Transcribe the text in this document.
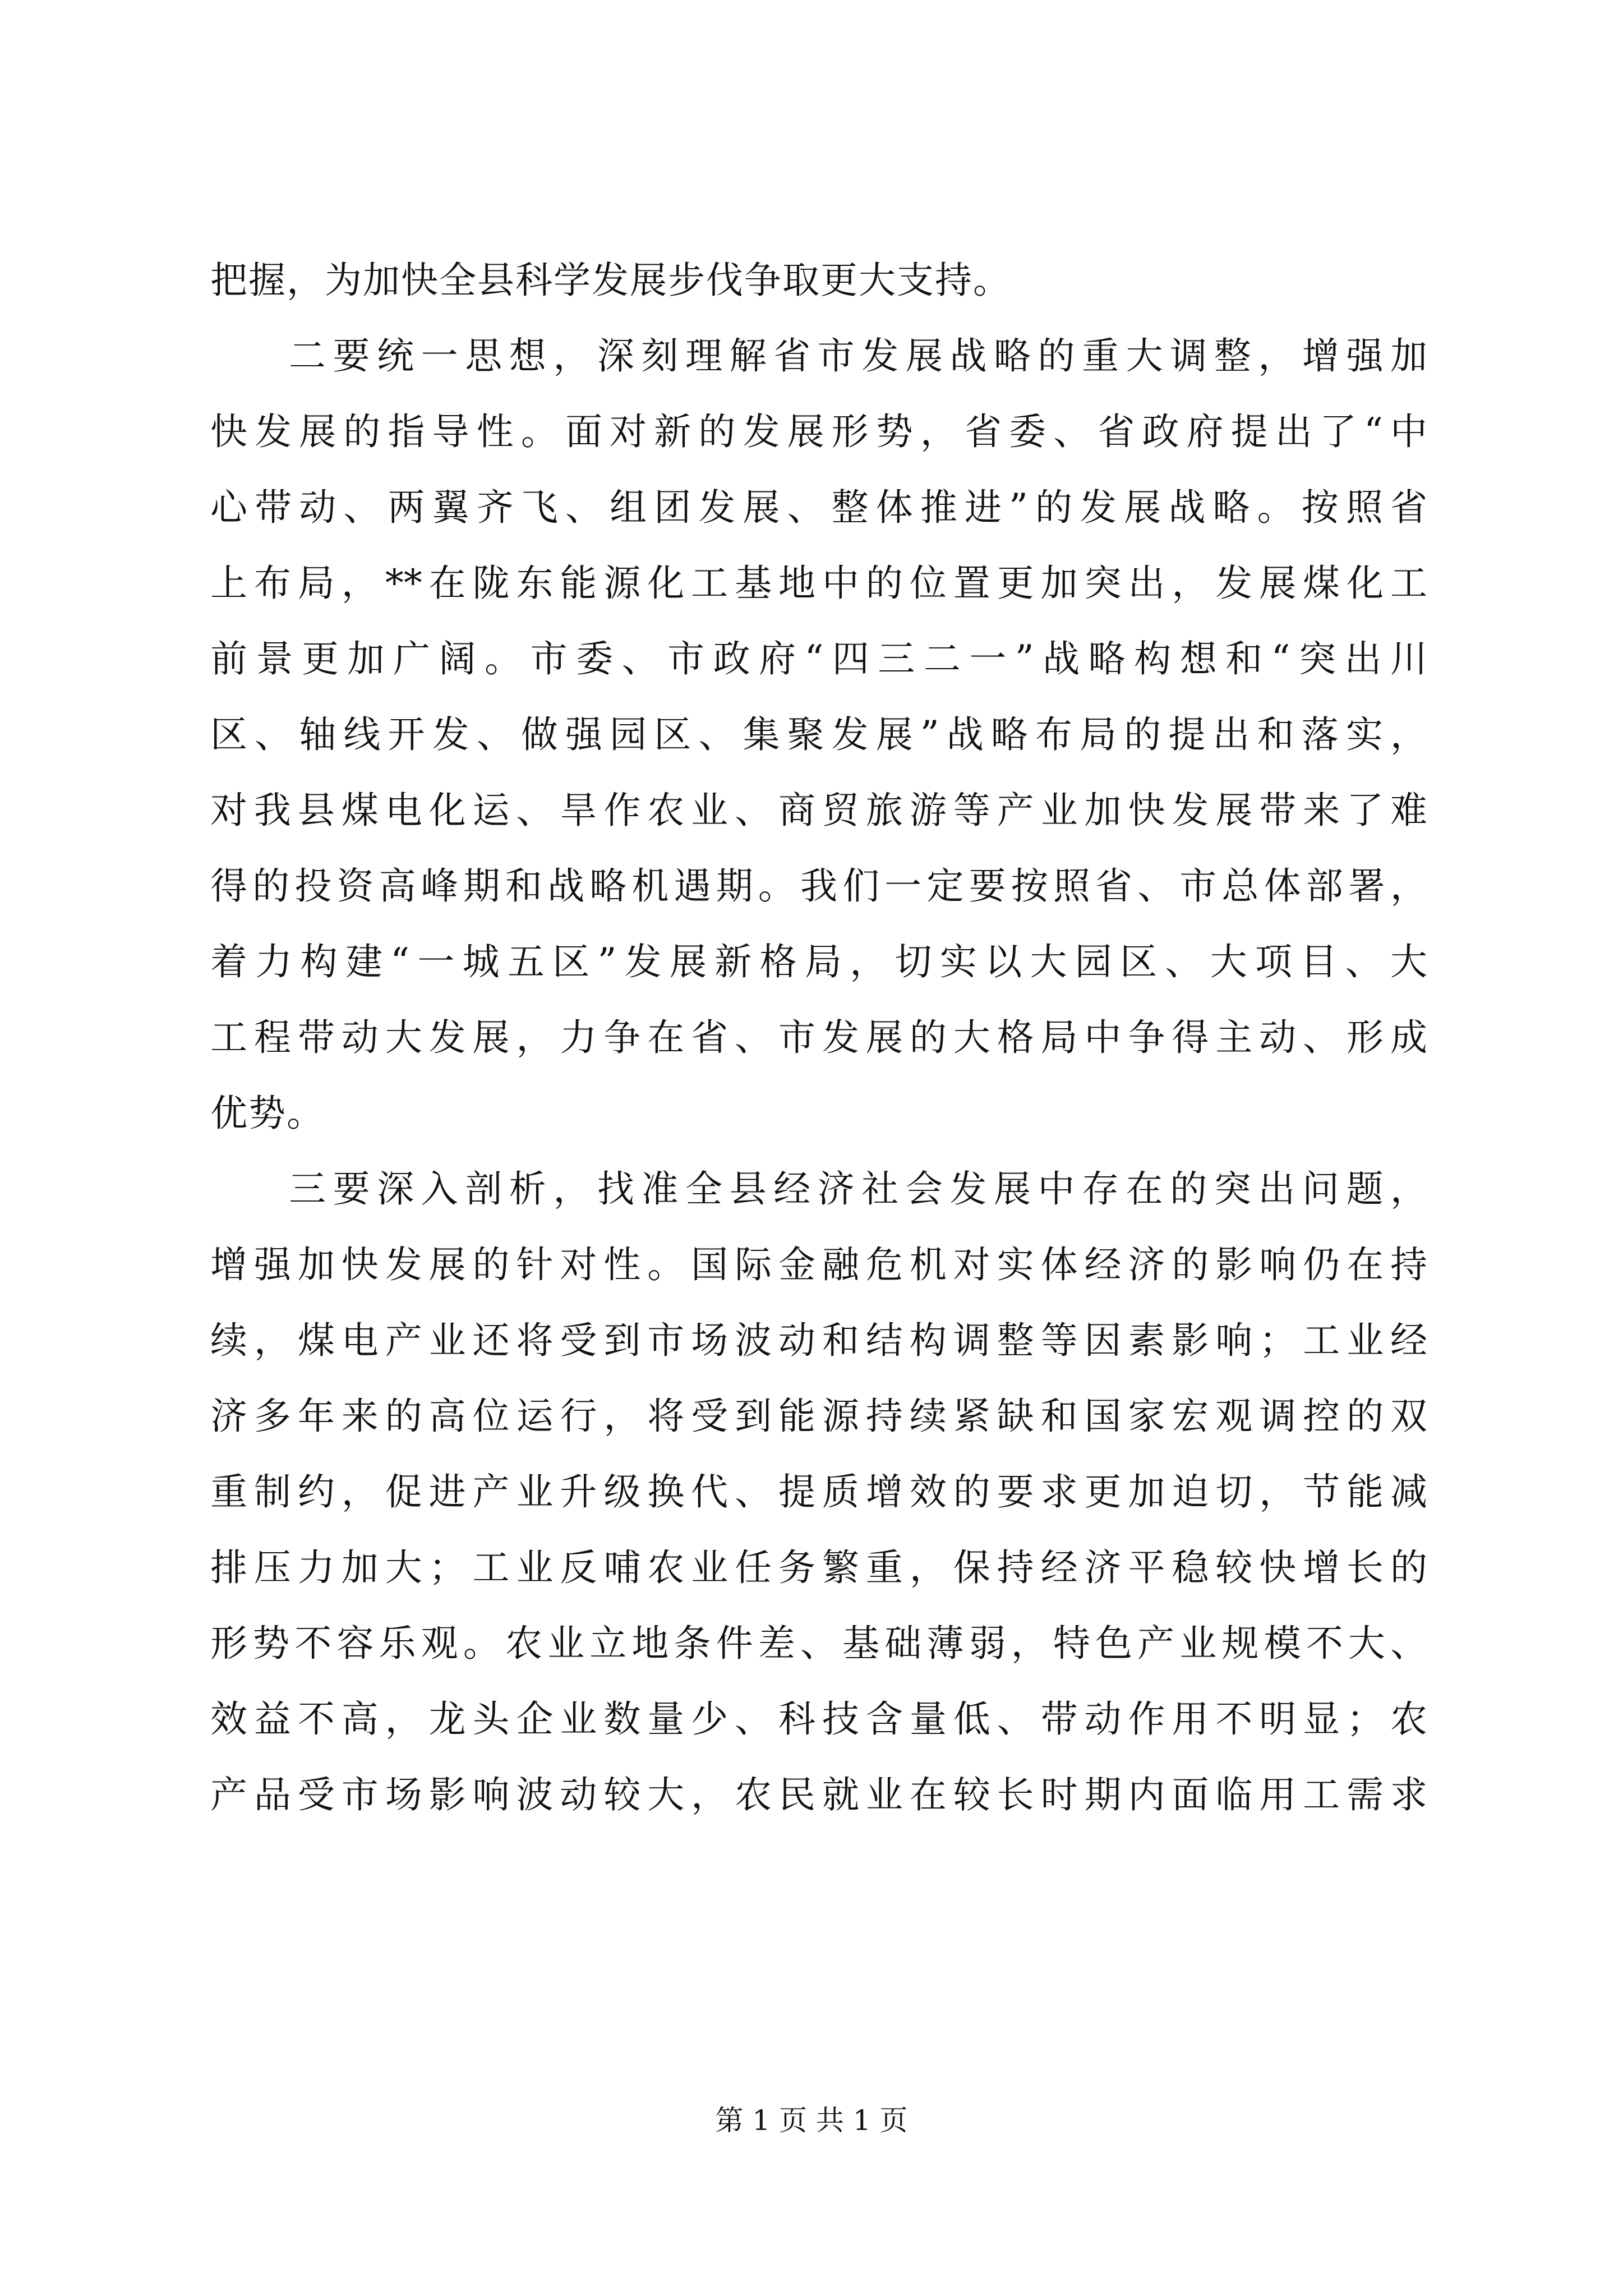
把握，为加快全县科学发展步伐争取更大支持。
二要统一思想，深刻理解省市发展战略的重大调整，增强加
快发展的指导性。面对新的发展形势，省委、省政府提出了“中
心带动、两翼齐飞、组团发展、整体推进”的发展战略。按照省
上布局，**在陇东能源化工基地中的位置更加突出，发展煤化工
前景更加广阔。市委、市政府“四三二一”战略构想和“突出川
区、轴线开发、做强园区、集聚发展”战略布局的提出和落实，
对我县煤电化运、旱作农业、商贸旅游等产业加快发展带来了难
得的投资高峰期和战略机遇期。我们一定要按照省、市总体部署，
着力构建“一城五区”发展新格局，切实以大园区、大项目、大
工程带动大发展，力争在省、市发展的大格局中争得主动、形成
优势。
三要深入剖析，找准全县经济社会发展中存在的突出问题，
增强加快发展的针对性。国际金融危机对实体经济的影响仍在持
续，煤电产业还将受到市场波动和结构调整等因素影响；工业经
济多年来的高位运行，将受到能源持续紧缺和国家宏观调控的双
重制约，促进产业升级换代、提质增效的要求更加迫切，节能减
排压力加大；工业反哺农业任务繁重，保持经济平稳较快增长的
形势不容乐观。农业立地条件差、基础薄弱，特色产业规模不大、
效益不高，龙头企业数量少、科技含量低、带动作用不明显；农
产品受市场影响波动较大，农民就业在较长时期内面临用工需求
第 1 页 共 1 页
